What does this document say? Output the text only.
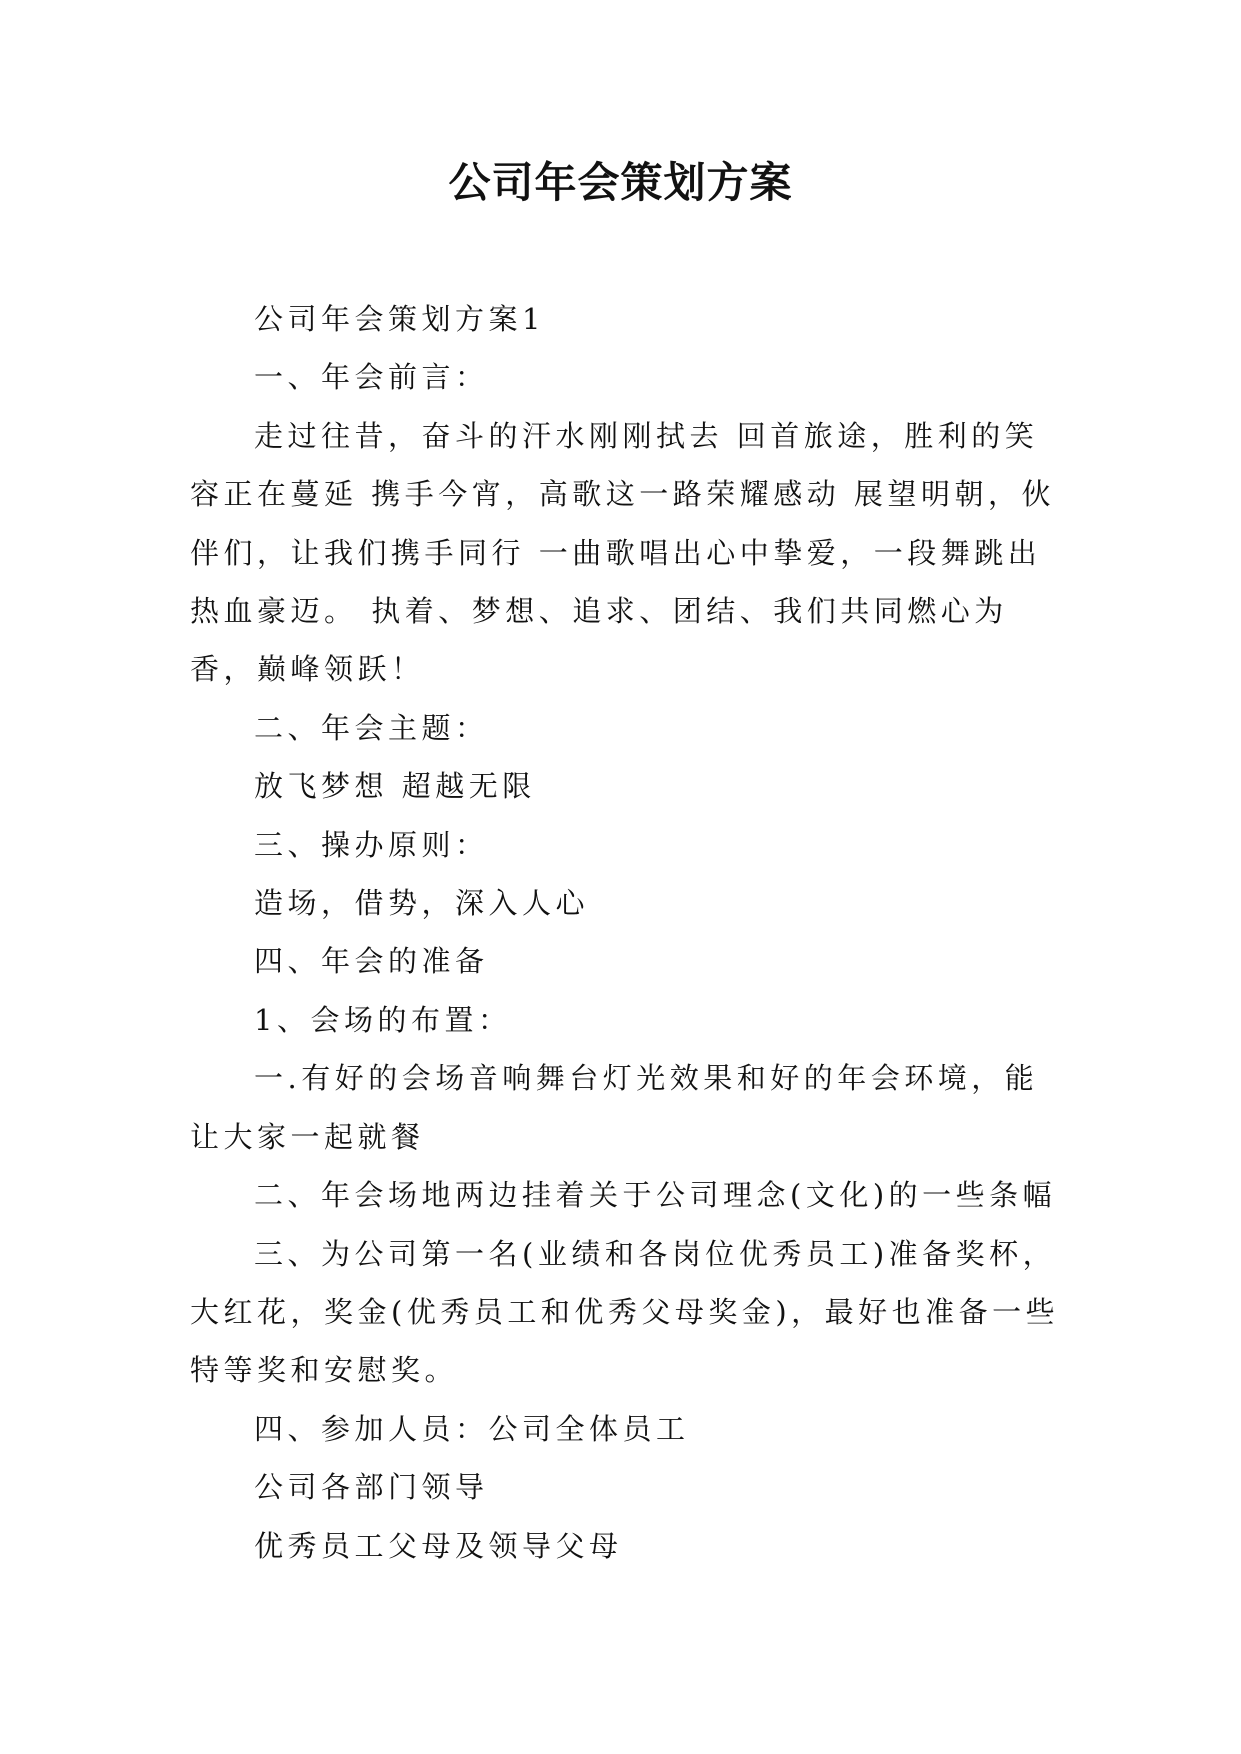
公司年会策划方案

公司年会策划方案1

一、年会前言：

走过往昔，奋斗的汗水刚刚拭去 回首旅途，胜利的笑容正在蔓延 携手今宵，高歌这一路荣耀感动 展望明朝，伙伴们，让我们携手同行 一曲歌唱出心中挚爱，一段舞跳出热血豪迈。 执着、梦想、追求、团结、我们共同燃心为香，巅峰领跃！

二、年会主题：

放飞梦想 超越无限

三、操办原则：

造场，借势，深入人心

四、年会的准备

1、会场的布置：

一.有好的会场音响舞台灯光效果和好的年会环境，能让大家一起就餐

二、年会场地两边挂着关于公司理念(文化)的一些条幅

三、为公司第一名(业绩和各岗位优秀员工)准备奖杯，大红花，奖金(优秀员工和优秀父母奖金)，最好也准备一些特等奖和安慰奖。

四、参加人员：公司全体员工

公司各部门领导

优秀员工父母及领导父母
